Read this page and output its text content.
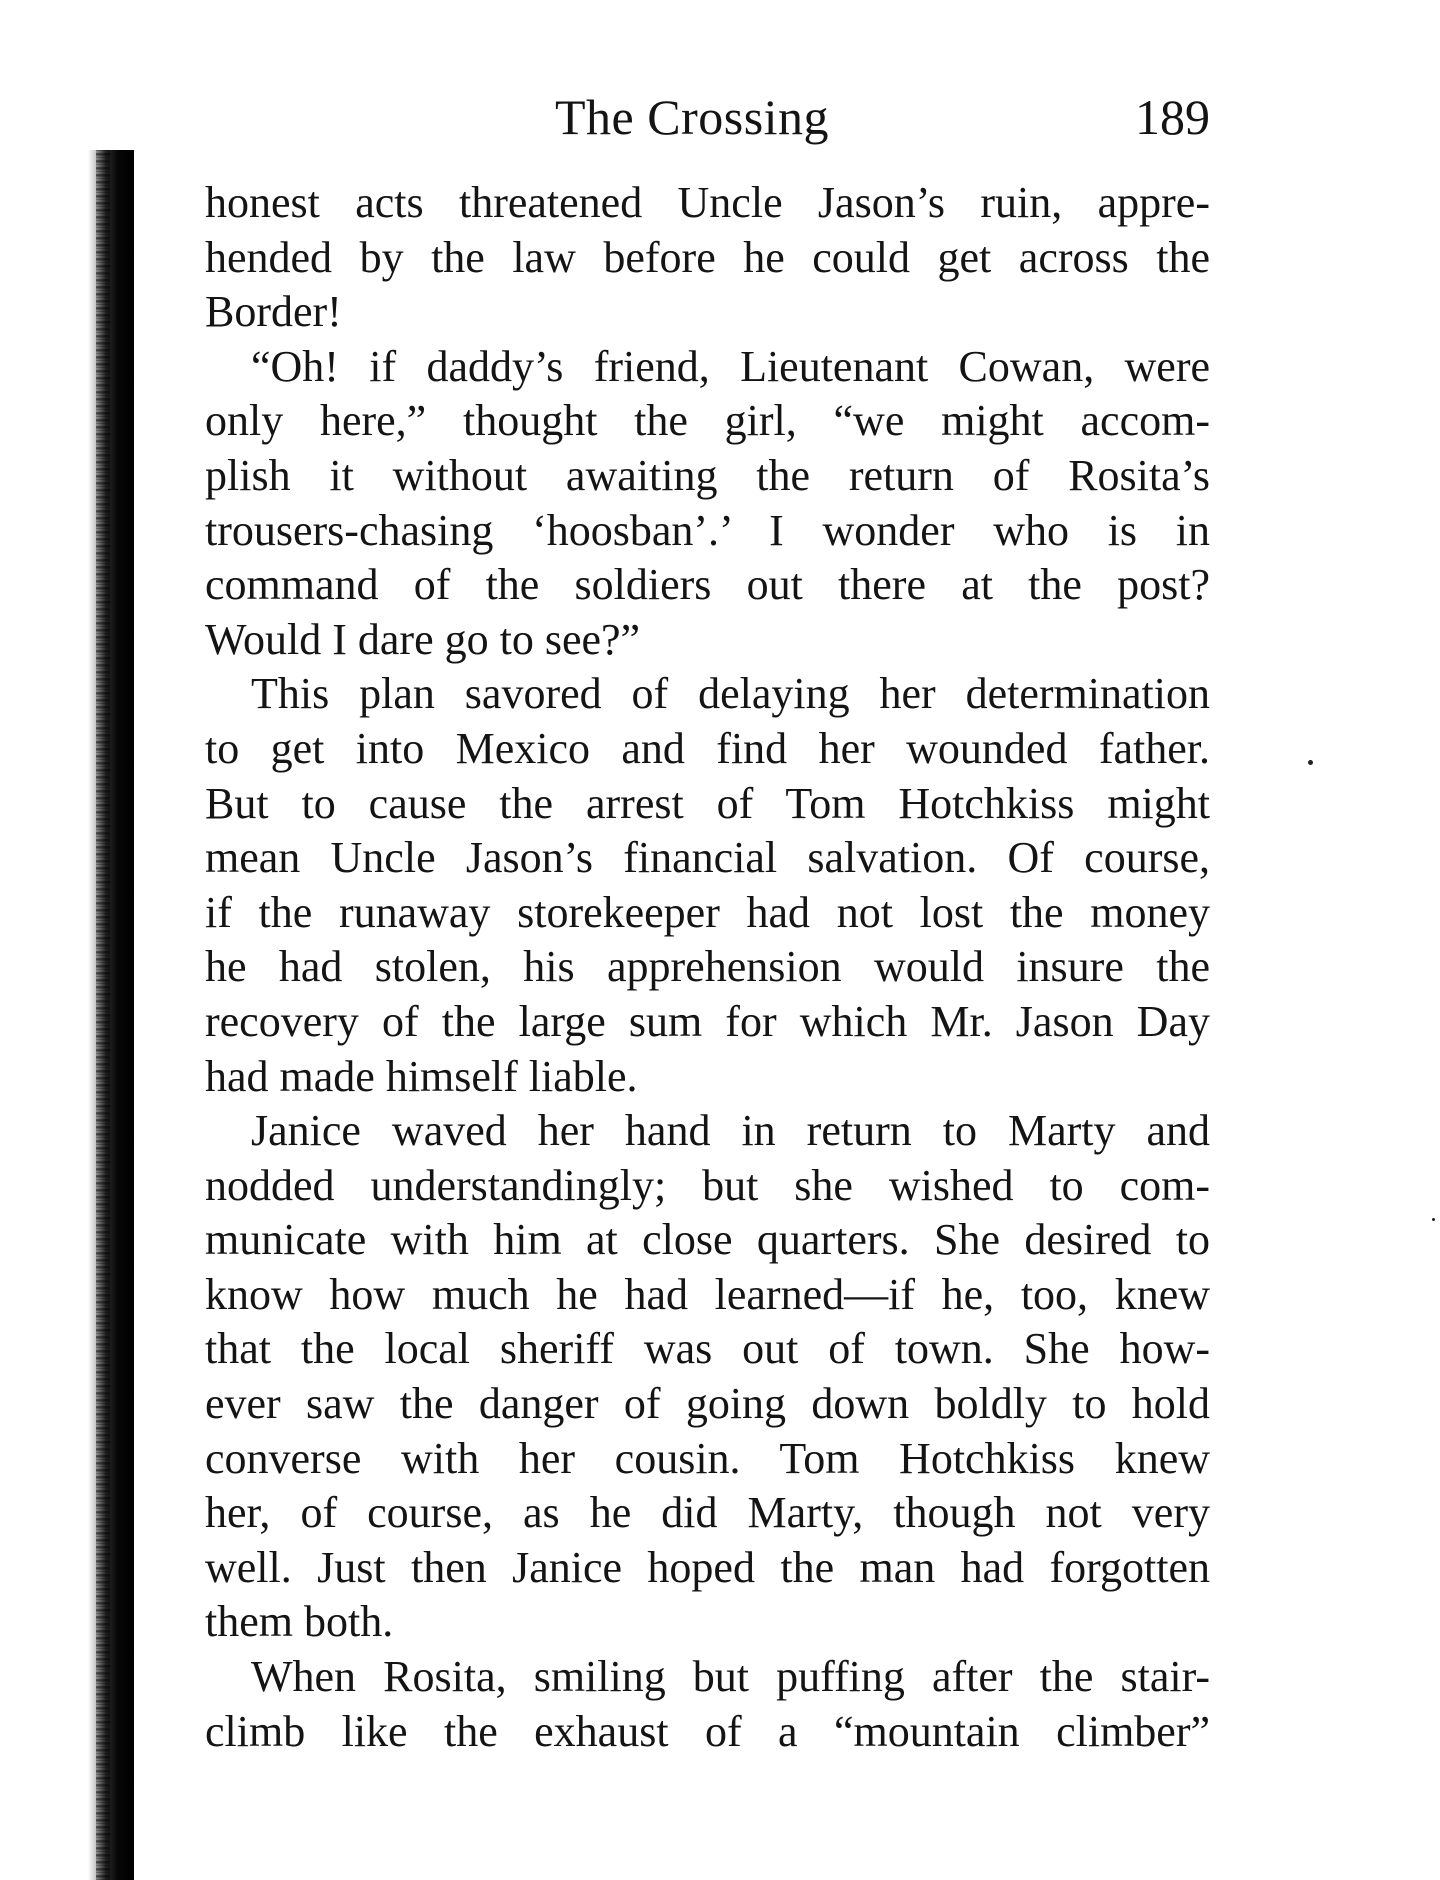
The Crossing	189
honest acts threatened Uncle Jason’s ruin, appre-
hended by the law before he could get across the
Border!
“Oh! if daddy’s friend, Lieutenant Cowan, were
only here,” thought the girl, “we might accom-
plish it without awaiting the return of Rosita’s
trousers-chasing ‘hoosban’.’ I wonder who is in
command of the soldiers out there at the post?
Would I dare go to see?”
This plan savored of delaying her determination
to get into Mexico and find her wounded father.
But to cause the arrest of Tom Hotchkiss might
mean Uncle Jason’s financial salvation. Of course,
if the runaway storekeeper had not lost the money
he had stolen, his apprehension would insure the
recovery of the large sum for which Mr. Jason Day
had made himself liable.
Janice waved her hand in return to Marty and
nodded understandingly; but she wished to com-
municate with him at close quarters. She desired to
know how much he had learned—if he, too, knew
that the local sheriff was out of town. She how-
ever saw the danger of going down boldly to hold
converse with her cousin. Tom Hotchkiss knew
her, of course, as he did Marty, though not very
well. Just then Janice hoped the man had forgotten
them both.
When Rosita, smiling but puffing after the stair-
climb like the exhaust of a “mountain climber”
